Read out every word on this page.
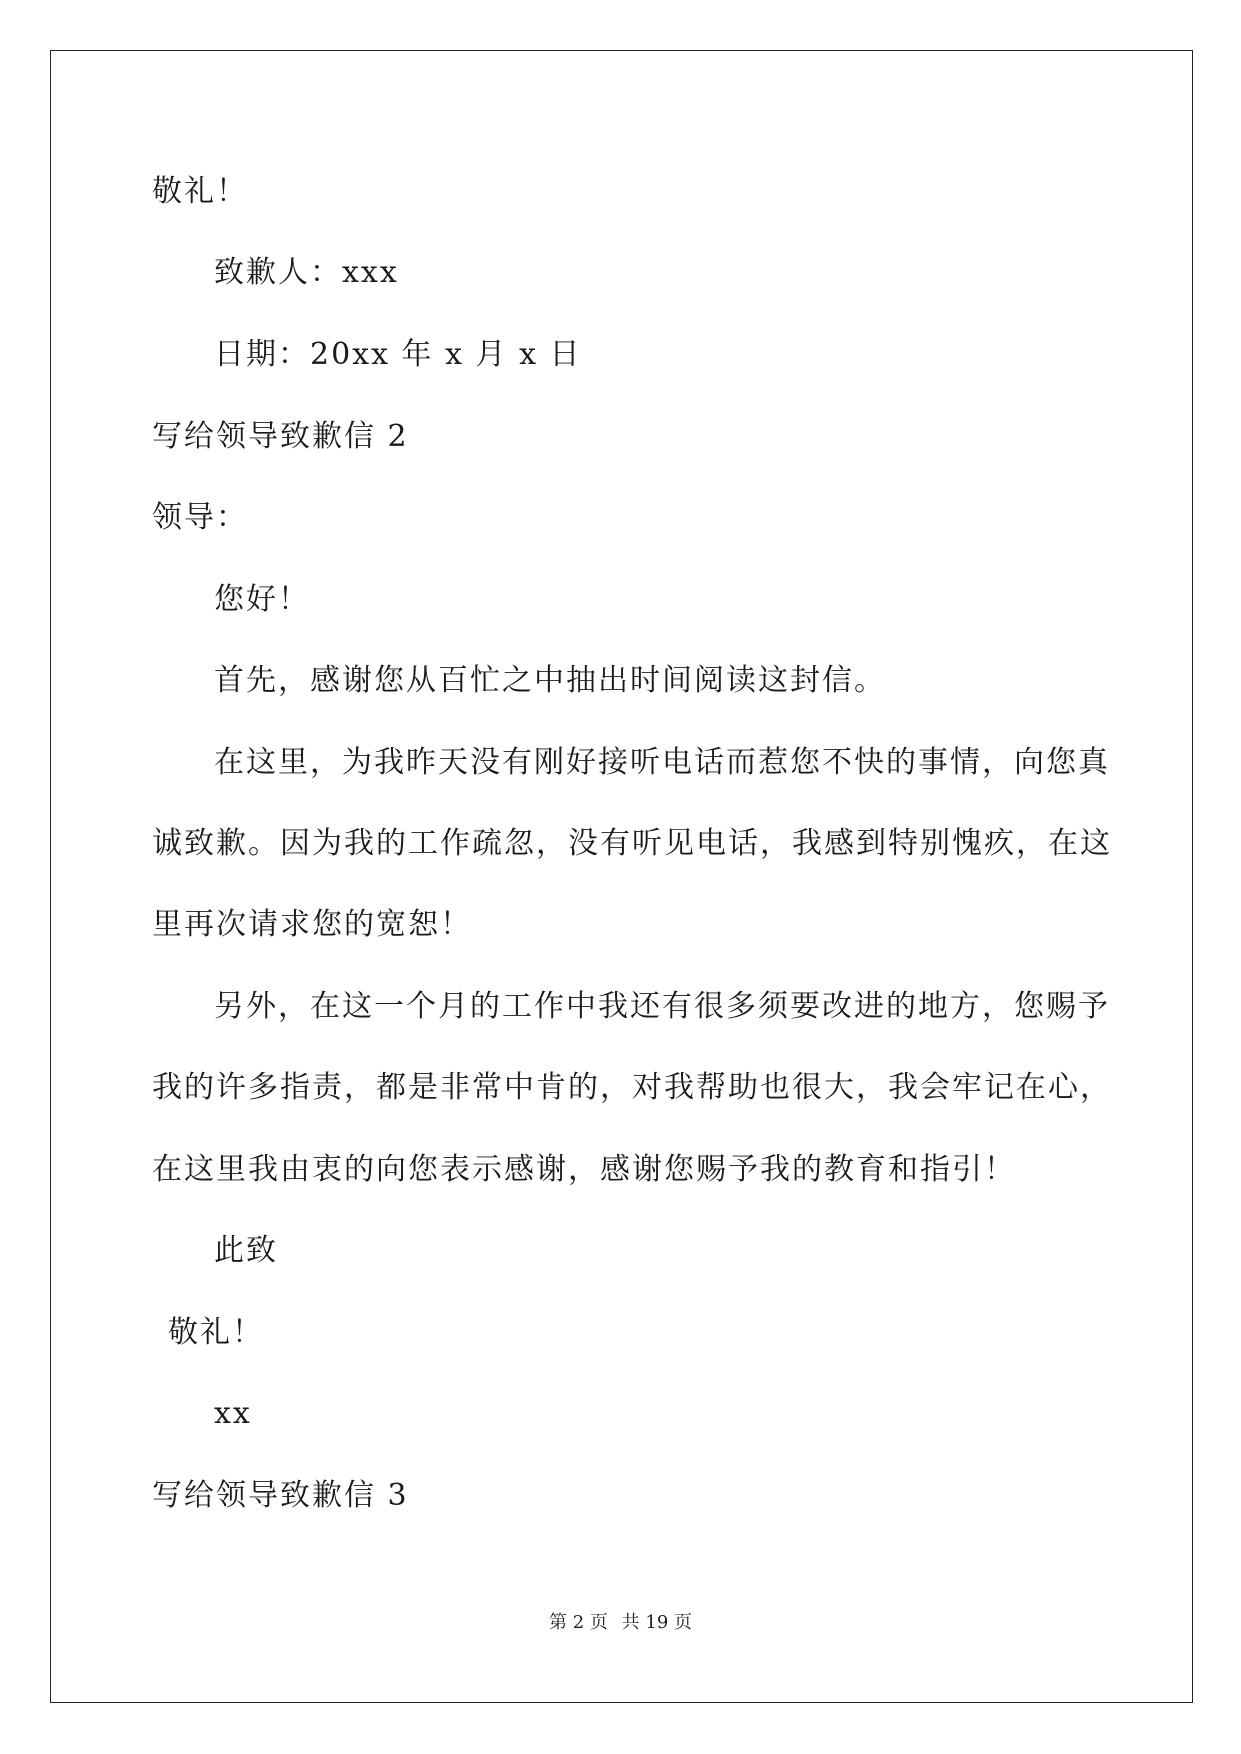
敬礼！
致歉人：xxx
日期：20xx 年 x 月 x 日
写给领导致歉信 2
领导：
您好！
首先，感谢您从百忙之中抽出时间阅读这封信。
在这里，为我昨天没有刚好接听电话而惹您不快的事情，向您真
诚致歉。因为我的工作疏忽，没有听见电话，我感到特别愧疚，在这
里再次请求您的宽恕！
另外，在这一个月的工作中我还有很多须要改进的地方，您赐予
我的许多指责，都是非常中肯的，对我帮助也很大，我会牢记在心，
在这里我由衷的向您表示感谢，感谢您赐予我的教育和指引！
此致
敬礼！
xx
写给领导致歉信 3
第 2 页 共 19 页
